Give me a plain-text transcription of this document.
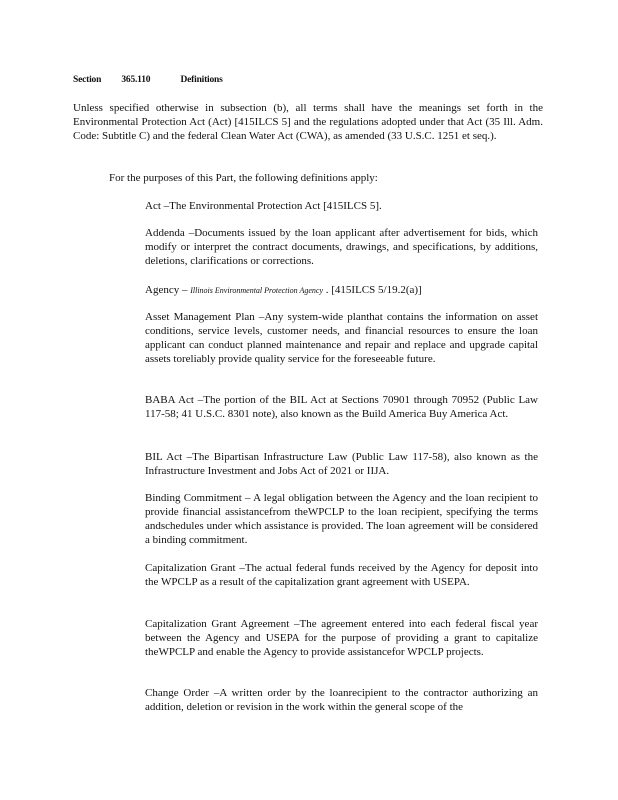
Section 365.110	Definitions
Unless specified otherwise in subsection (b), all terms shall have the meanings set forth in the Environmental Protection Act (Act) [415ILCS 5] and the regulations adopted under that Act (35 Ill. Adm. Code: Subtitle C) and the federal Clean Water Act (CWA), as amended (33 U.S.C. 1251 et seq.).
For the purposes of this Part, the following definitions apply:
Act –The Environmental Protection Act [415ILCS 5].
Addenda –Documents issued by the loan applicant after advertisement for bids, which modify or interpret the contract documents, drawings, and specifications, by additions, deletions, clarifications or corrections.
Agency – Illinois Environmental Protection Agency . [415ILCS 5/19.2(a)]
Asset Management Plan –Any system-wide planthat contains the information on asset conditions, service levels, customer needs, and financial resources to ensure the loan applicant can conduct planned maintenance and repair and replace and upgrade capital assets toreliably provide quality service for the foreseeable future.
BABA Act –The portion of the BIL Act at Sections 70901 through 70952 (Public Law 117-58; 41 U.S.C. 8301 note), also known as the Build America Buy America Act.
BIL Act –The Bipartisan Infrastructure Law (Public Law 117-58), also known as the Infrastructure Investment and Jobs Act of 2021 or IIJA.
Binding Commitment – A legal obligation between the Agency and the loan recipient to provide financial assistancefrom theWPCLP to the loan recipient, specifying the terms andschedules under which assistance is provided. The loan agreement will be considered a binding commitment.
Capitalization Grant –The actual federal funds received by the Agency for deposit into the WPCLP as a result of the capitalization grant agreement with USEPA.
Capitalization Grant Agreement –The agreement entered into each federal fiscal year between the Agency and USEPA for the purpose of providing a grant to capitalize theWPCLP and enable the Agency to provide assistancefor WPCLP projects.
Change Order –A written order by the loanrecipient to the contractor authorizing an addition, deletion or revision in the work within the general scope of the
